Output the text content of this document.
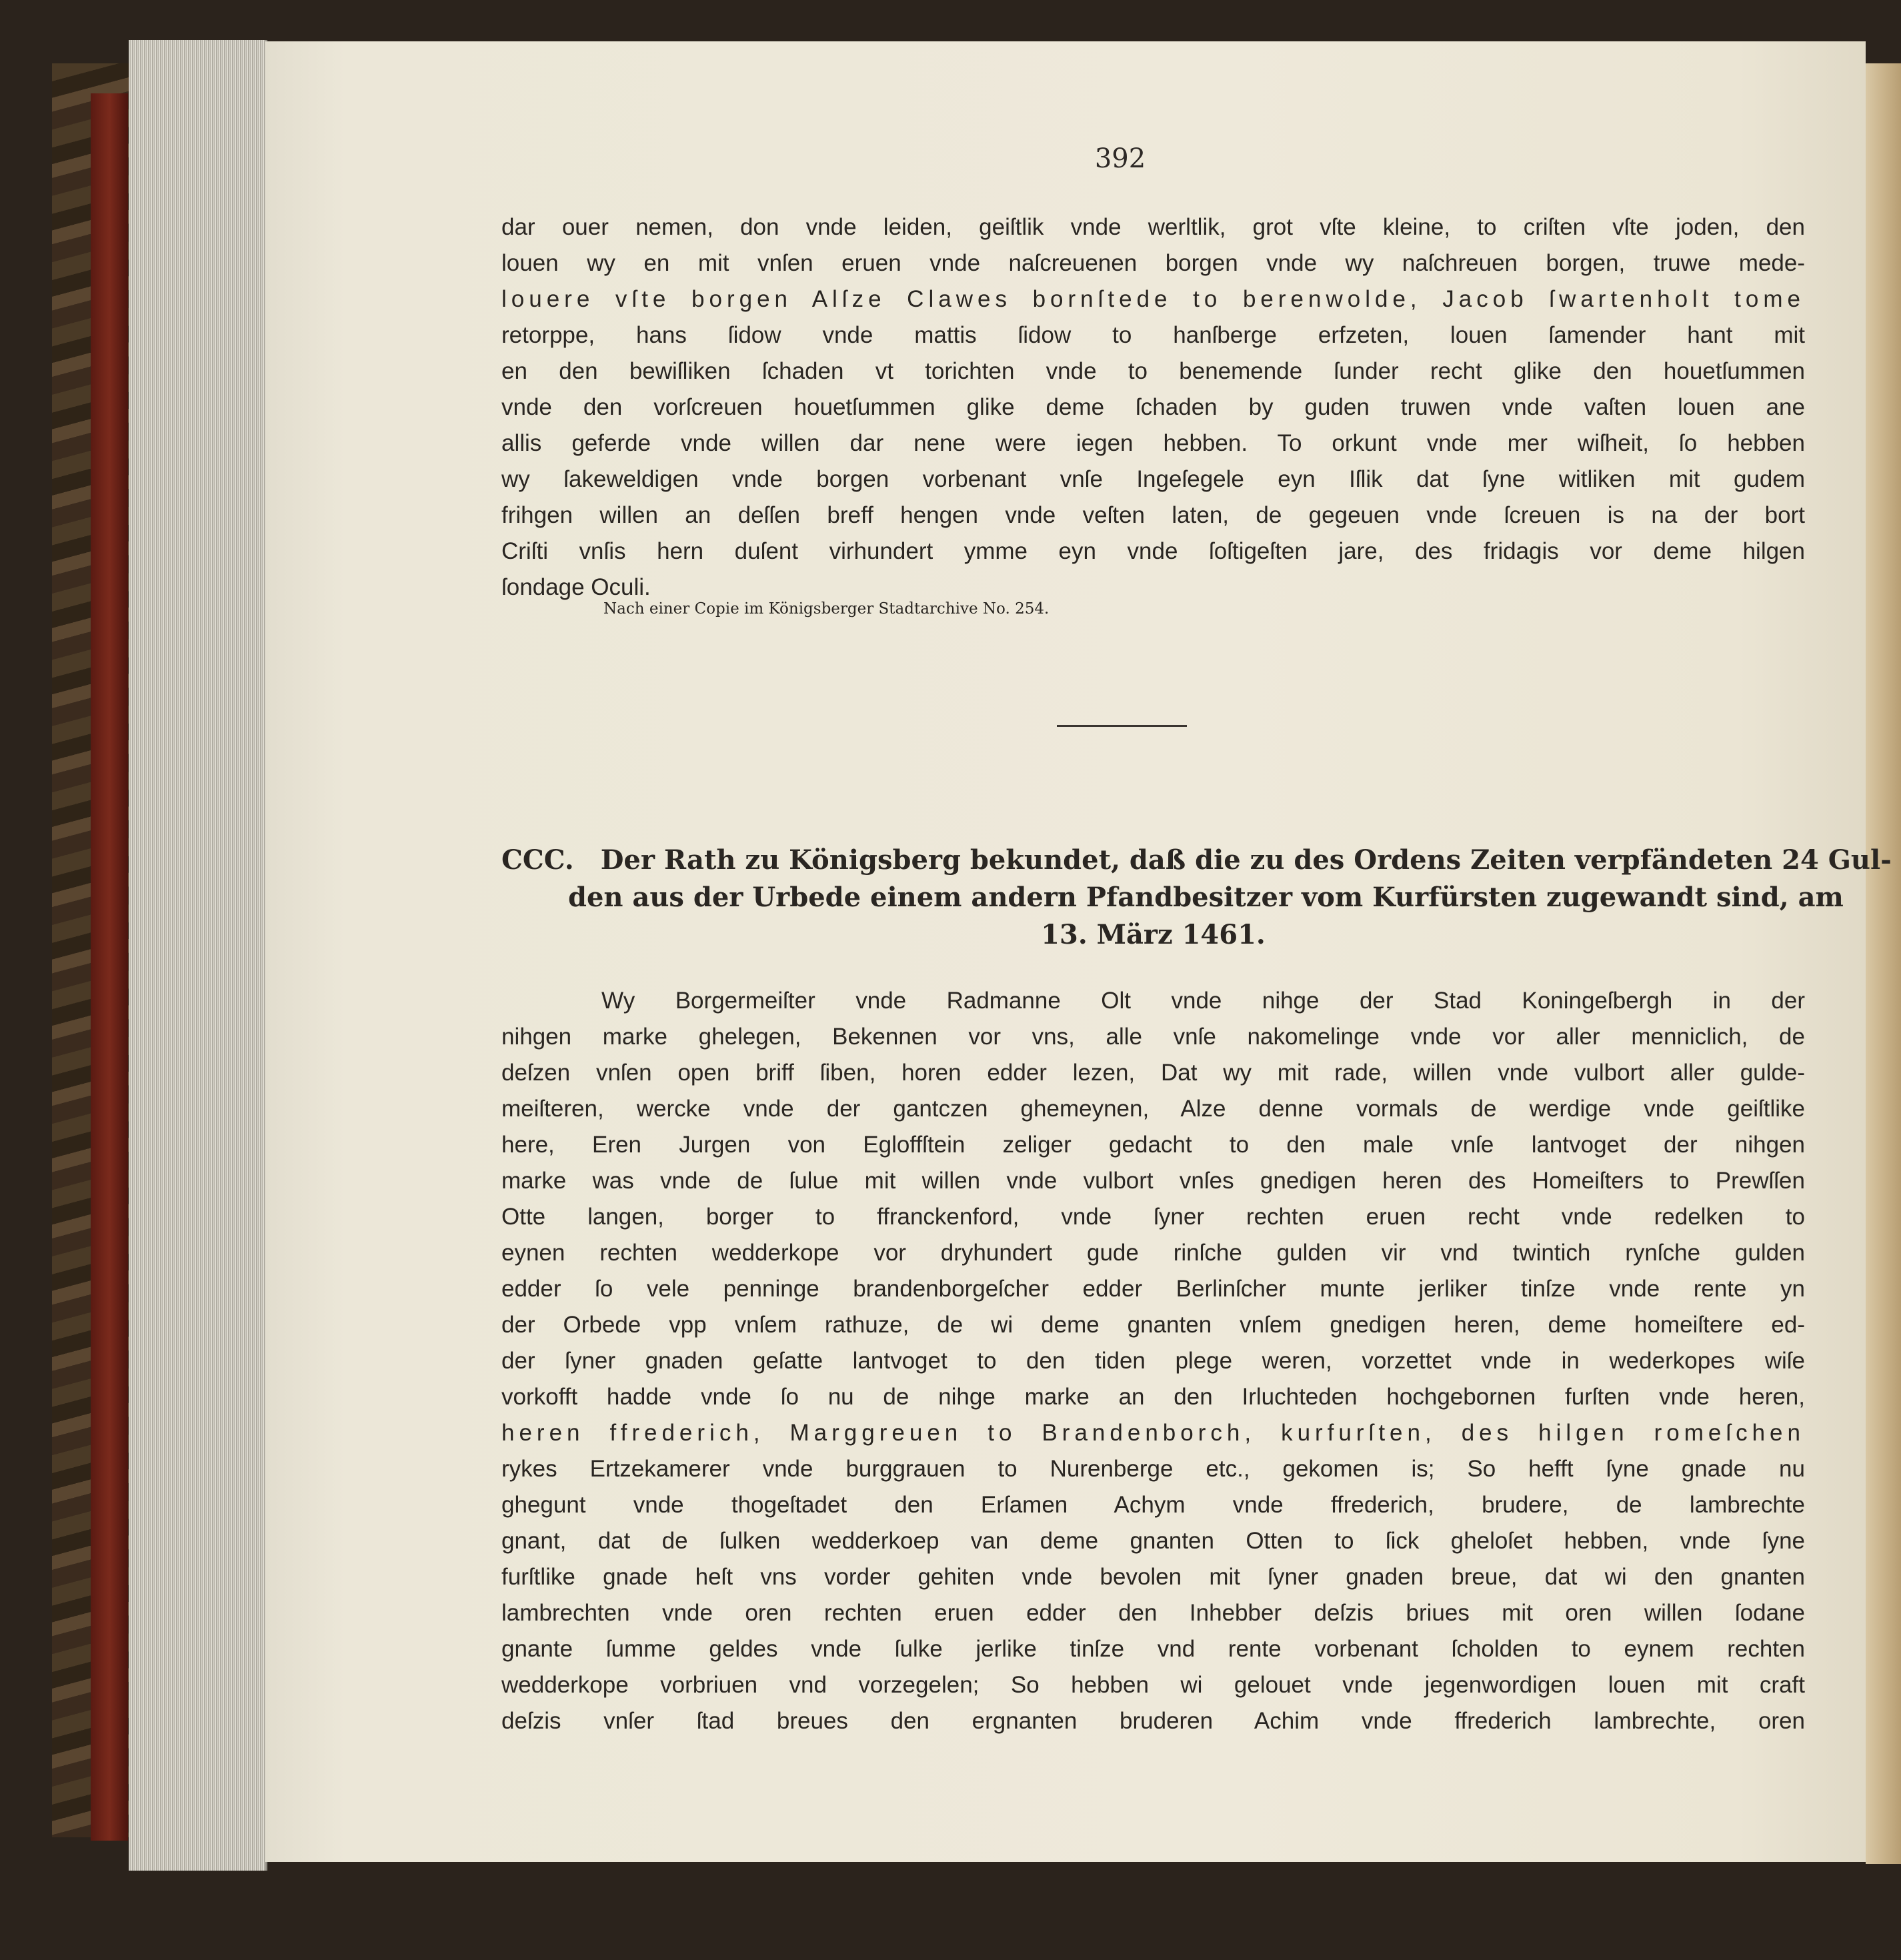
392
dar ouer nemen, don vnde leiden, geiſtlik vnde werltlik, grot vſte kleine, to criſten vſte joden, den
louen wy en mit vnſen eruen vnde naſcreuenen borgen vnde wy naſchreuen borgen, truwe mede-
louere vſte borgen Alſze Clawes bornſtede to berenwolde, Jacob ſwartenholt tome
retorppe, hans ſidow vnde mattis ſidow to hanſberge erfzeten, louen ſamender hant mit
en den bewiſliken ſchaden vt torichten vnde to benemende ſunder recht glike den houetſummen
vnde den vorſcreuen houetſummen glike deme ſchaden by guden truwen vnde vaſten louen ane
allis geferde vnde willen dar nene were iegen hebben. To orkunt vnde mer wiſheit, ſo hebben
wy ſakeweldigen vnde borgen vorbenant vnſe Ingeſegele eyn Iſlik dat ſyne witliken mit gudem
frihgen willen an deſſen breff hengen vnde veſten laten, de gegeuen vnde ſcreuen is na der bort
Criſti vnſis hern duſent virhundert ymme eyn vnde ſoſtigeſten jare, des fridagis vor deme hilgen
ſondage Oculi.
Nach einer Copie im Königsberger Stadtarchive No. 254.
CCC. Der Rath zu Königsberg bekundet, daß die zu des Ordens Zeiten verpfändeten 24 Gul-
den aus der Urbede einem andern Pfandbesitzer vom Kurfürsten zugewandt sind, am
13. März 1461.
Wy Borgermeiſter vnde Radmanne Olt vnde nihge der Stad Koningeſbergh in der
nihgen marke ghelegen, Bekennen vor vns, alle vnſe nakomelinge vnde vor aller menniclich, de
deſzen vnſen open briff ſiben, horen edder lezen, Dat wy mit rade, willen vnde vulbort aller gulde-
meiſteren, wercke vnde der gantczen ghemeynen, Alze denne vormals de werdige vnde geiſtlike
here, Eren Jurgen von Egloffſtein zeliger gedacht to den male vnſe lantvoget der nihgen
marke was vnde de ſulue mit willen vnde vulbort vnſes gnedigen heren des Homeiſters to Prewſſen
Otte langen, borger to ffranckenford, vnde ſyner rechten eruen recht vnde redelken to
eynen rechten wedderkope vor dryhundert gude rinſche gulden vir vnd twintich rynſche gulden
edder ſo vele penninge brandenborgeſcher edder Berlinſcher munte jerliker tinſze vnde rente yn
der Orbede vpp vnſem rathuze, de wi deme gnanten vnſem gnedigen heren, deme homeiſtere ed-
der ſyner gnaden geſatte lantvoget to den tiden plege weren, vorzettet vnde in wederkopes wiſe
vorkofft hadde vnde ſo nu de nihge marke an den Irluchteden hochgebornen furſten vnde heren,
heren ffrederich, Marggreuen to Brandenborch, kurfurſten, des hilgen romeſchen
rykes Ertzekamerer vnde burggrauen to Nurenberge etc., gekomen is; So hefft ſyne gnade nu
ghegunt vnde thogeſtadet den Erſamen Achym vnde ffrederich, brudere, de lambrechte
gnant, dat de ſulken wedderkoep van deme gnanten Otten to ſick gheloſet hebben, vnde ſyne
furſtlike gnade heſt vns vorder gehiten vnde bevolen mit ſyner gnaden breue, dat wi den gnanten
lambrechten vnde oren rechten eruen edder den Inhebber deſzis briues mit oren willen ſodane
gnante ſumme geldes vnde ſulke jerlike tinſze vnd rente vorbenant ſcholden to eynem rechten
wedderkope vorbriuen vnd vorzegelen; So hebben wi gelouet vnde jegenwordigen louen mit craft
deſzis vnſer ſtad breues den ergnanten bruderen Achim vnde ffrederich lambrechte, oren
